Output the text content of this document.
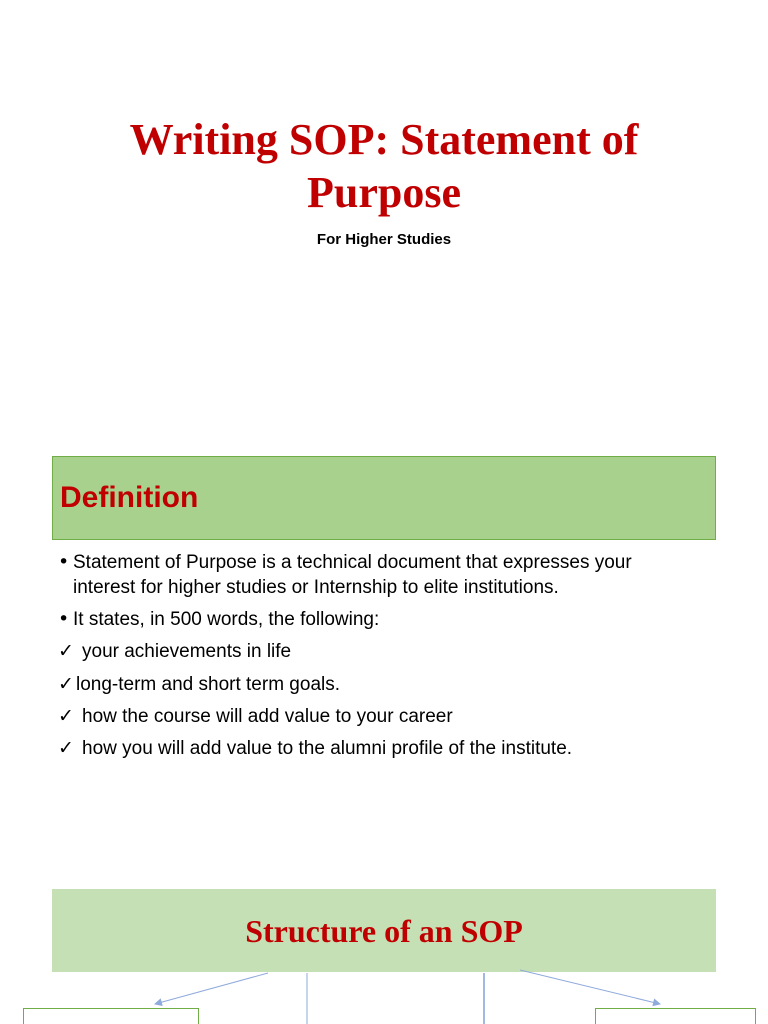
Writing SOP: Statement of Purpose
For Higher Studies
Definition
• Statement of Purpose is a technical document that expresses your interest for higher studies or Internship to elite institutions.
• It states, in 500 words, the following:
✓ your achievements in life
✓ long-term and short term goals.
✓ how the course will add value to your career
✓ how you will add value to the alumni profile of the institute.
Structure of an SOP
